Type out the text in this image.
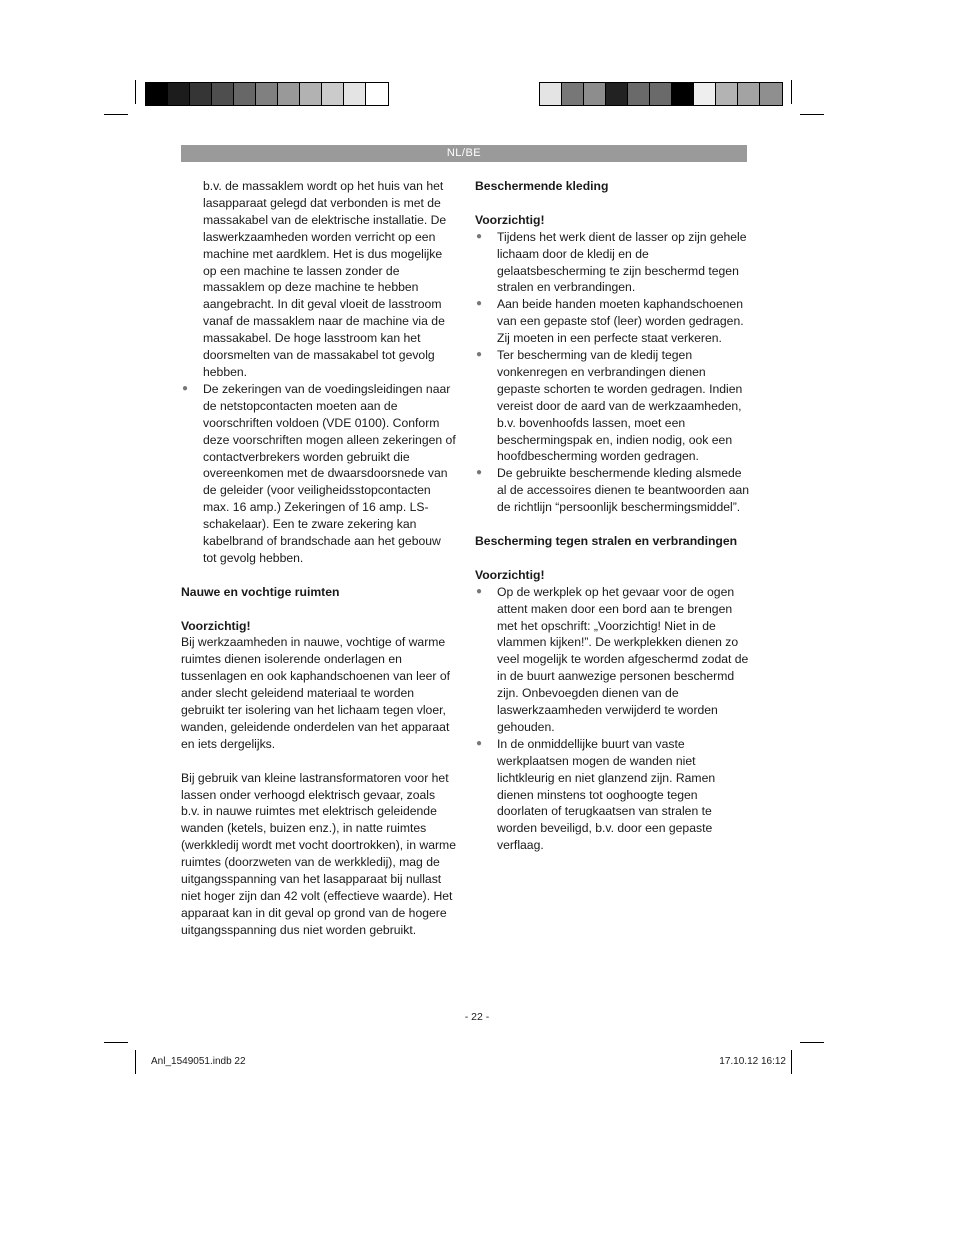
NL/BE

b.v. de massaklem wordt op het huis van het lasapparaat gelegd dat verbonden is met de massakabel van de elektrische installatie. De laswerkzaamheden worden verricht op een machine met aardklem. Het is dus mogelijke op een machine te lassen zonder de massaklem op deze machine te hebben aangebracht. In dit geval vloeit de lasstroom vanaf de massaklem naar de machine via de massakabel. De hoge lasstroom kan het doorsmelten van de massakabel tot gevolg hebben.

● De zekeringen van de voedingsleidingen naar de netstopcontacten moeten aan de voorschriften voldoen (VDE 0100). Conform deze voorschriften mogen alleen zekeringen of contactverbrekers worden gebruikt die overeenkomen met de dwaarsdoorsnede van de geleider (voor veiligheidsstopcontacten max. 16 amp.) Zekeringen of 16 amp. LS-schakelaar). Een te zware zekering kan kabelbrand of brandschade aan het gebouw tot gevolg hebben.
Nauwe en vochtige ruimten

Voorzichtig!

Bij werkzaamheden in nauwe, vochtige of warme ruimtes dienen isolerende onderlagen en tussenlagen en ook kaphandschoenen van leer of ander slecht geleidend materiaal te worden gebruikt ter isolering van het lichaam tegen vloer, wanden, geleidende onderdelen van het apparaat en iets dergelijks.

Bij gebruik van kleine lastransformatoren voor het lassen onder verhoogd elektrisch gevaar, zoals b.v. in nauwe ruimtes met elektrisch geleidende wanden (ketels, buizen enz.), in natte ruimtes (werkkledij wordt met vocht doortrokken), in warme ruimtes (doorzweten van de werkkledij), mag de uitgangsspanning van het lasapparaat bij nullast niet hoger zijn dan 42 volt (effectieve waarde). Het apparaat kan in dit geval op grond van de hogere uitgangsspanning dus niet worden gebruikt.

Beschermende kleding

Voorzichtig!

● Tijdens het werk dient de lasser op zijn gehele lichaam door de kledij en de gelaatsbescherming te zijn beschermd tegen stralen en verbrandingen.
● Aan beide handen moeten kaphandschoenen van een gepaste stof (leer) worden gedragen. Zij moeten in een perfecte staat verkeren.
● Ter bescherming van de kledij tegen vonkenregen en verbrandingen dienen gepaste schorten te worden gedragen. Indien vereist door de aard van de werkzaamheden, b.v. bovenhoofds lassen, moet een beschermingspak en, indien nodig, ook een hoofdbescherming worden gedragen.
● De gebruikte beschermende kleding alsmede al de accessoires dienen te beantwoorden aan de richtlijn “persoonlijk beschermingsmiddel”.
Bescherming tegen stralen en verbrandingen

Voorzichtig!

● Op de werkplek op het gevaar voor de ogen attent maken door een bord aan te brengen met het opschrift: „Voorzichtig! Niet in de vlammen kijken!”. De werkplekken dienen zo veel mogelijk te worden afgeschermd zodat de in de buurt aanwezige personen beschermd zijn. Onbevoegden dienen van de laswerkzaamheden verwijderd te worden gehouden.
● In de onmiddellijke buurt van vaste werkplaatsen mogen de wanden niet lichtkleurig en niet glanzend zijn. Ramen dienen minstens tot ooghoogte tegen doorlaten of terugkaatsen van stralen te worden beveiligd, b.v. door een gepaste verflaag.
- 22 -
Anl_1549051.indb 22	17.10.12 16:12
